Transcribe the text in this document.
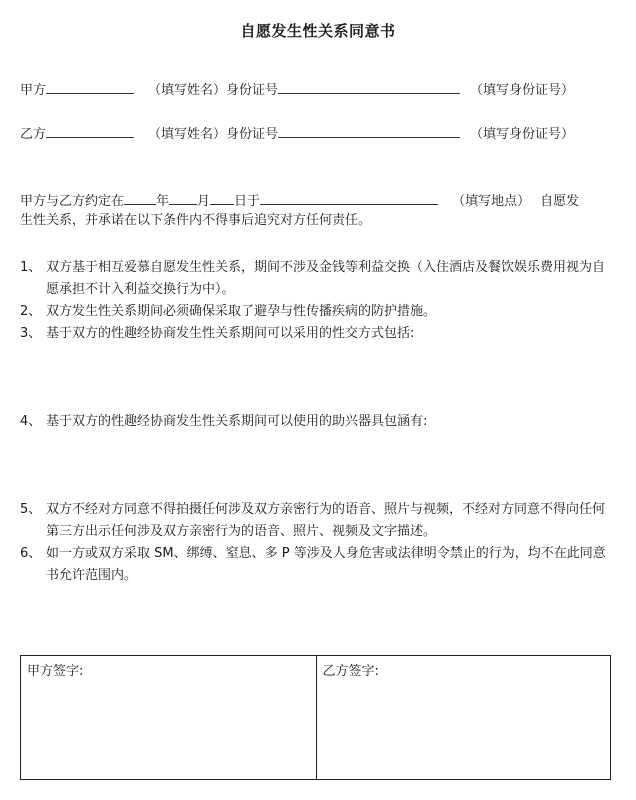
自愿发生性关系同意书
甲方	（填写姓名）身份证号	（填写身份证号）
乙方	（填写姓名）身份证号	（填写身份证号）
甲方与乙方约定在 年 月 日于	（填写地点） 自愿发
生性关系，并承诺在以下条件内不得事后追究对方任何责任。
1、 双方基于相互爱慕自愿发生性关系，期间不涉及金钱等利益交换（入住酒店及餐饮娱乐费用视为自愿承担不计入利益交换行为中）。
2、 双方发生性关系期间必须确保采取了避孕与性传播疾病的防护措施。
3、 基于双方的性趣经协商发生性关系期间可以采用的性交方式包括:
4、 基于双方的性趣经协商发生性关系期间可以使用的助兴器具包涵有:
5、 双方不经对方同意不得拍摄任何涉及双方亲密行为的语音、照片与视频，不经对方同意不得向任何第三方出示任何涉及双方亲密行为的语音、照片、视频及文字描述。
6、 如一方或双方采取 SM、绑缚、窒息、多 P 等涉及人身危害或法律明令禁止的行为，均不在此同意书允许范围内。
甲方签字:	乙方签字:
